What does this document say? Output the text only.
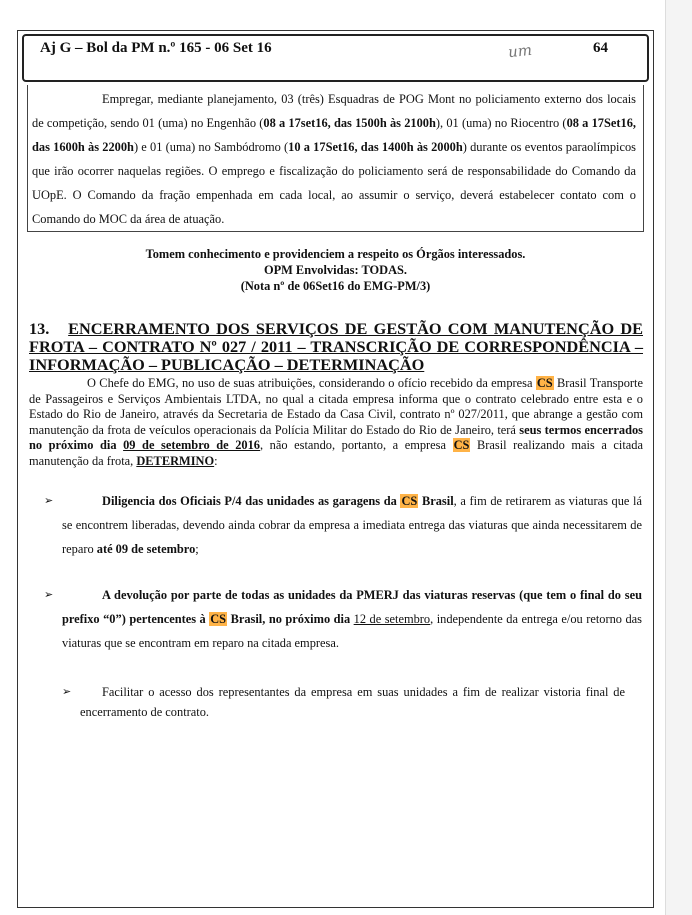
Aj G – Bol da PM n.º 165 - 06 Set 16	um	64

Empregar, mediante planejamento, 03 (três) Esquadras de POG Mont no policiamento externo dos locais de competição, sendo 01 (uma) no Engenhão (08 a 17set16, das 1500h às 2100h), 01 (uma) no Riocentro (08 a 17Set16, das 1600h às 2200h) e 01 (uma) no Sambódromo (10 a 17Set16, das 1400h às 2000h) durante os eventos paraolímpicos que irão ocorrer naquelas regiões. O emprego e fiscalização do policiamento será de responsabilidade do Comando da UOpE. O Comando da fração empenhada em cada local, ao assumir o serviço, deverá estabelecer contato com o Comando do MOC da área de atuação.

Tomem conhecimento e providenciem a respeito os Órgãos interessados.
OPM Envolvidas: TODAS.
(Nota nº de 06Set16 do EMG-PM/3)
13. ENCERRAMENTO DOS SERVIÇOS DE GESTÃO COM MANUTENÇÃO DE FROTA – CONTRATO Nº 027 / 2011 – TRANSCRIÇÃO DE CORRESPONDÊNCIA – INFORMAÇÃO – PUBLICAÇÃO – DETERMINAÇÃO

O Chefe do EMG, no uso de suas atribuições, considerando o ofício recebido da empresa CS Brasil Transporte de Passageiros e Serviços Ambientais LTDA, no qual a citada empresa informa que o contrato celebrado entre esta e o Estado do Rio de Janeiro, através da Secretaria de Estado da Casa Civil, contrato nº 027/2011, que abrange a gestão com manutenção da frota de veículos operacionais da Polícia Militar do Estado do Rio de Janeiro, terá seus termos encerrados no próximo dia 09 de setembro de 2016, não estando, portanto, a empresa CS Brasil realizando mais a citada manutenção da frota, DETERMINO:

➢	Diligencia dos Oficiais P/4 das unidades as garagens da CS Brasil, a fim de retirarem as viaturas que lá se encontrem liberadas, devendo ainda cobrar da empresa a imediata entrega das viaturas que ainda necessitarem de reparo até 09 de setembro;

➢	A devolução por parte de todas as unidades da PMERJ das viaturas reservas (que tem o final do seu prefixo “0”) pertencentes à CS Brasil, no próximo dia 12 de setembro, independente da entrega e/ou retorno das viaturas que se encontram em reparo na citada empresa.

➢	Facilitar o acesso dos representantes da empresa em suas unidades a fim de realizar vistoria final de encerramento de contrato.
